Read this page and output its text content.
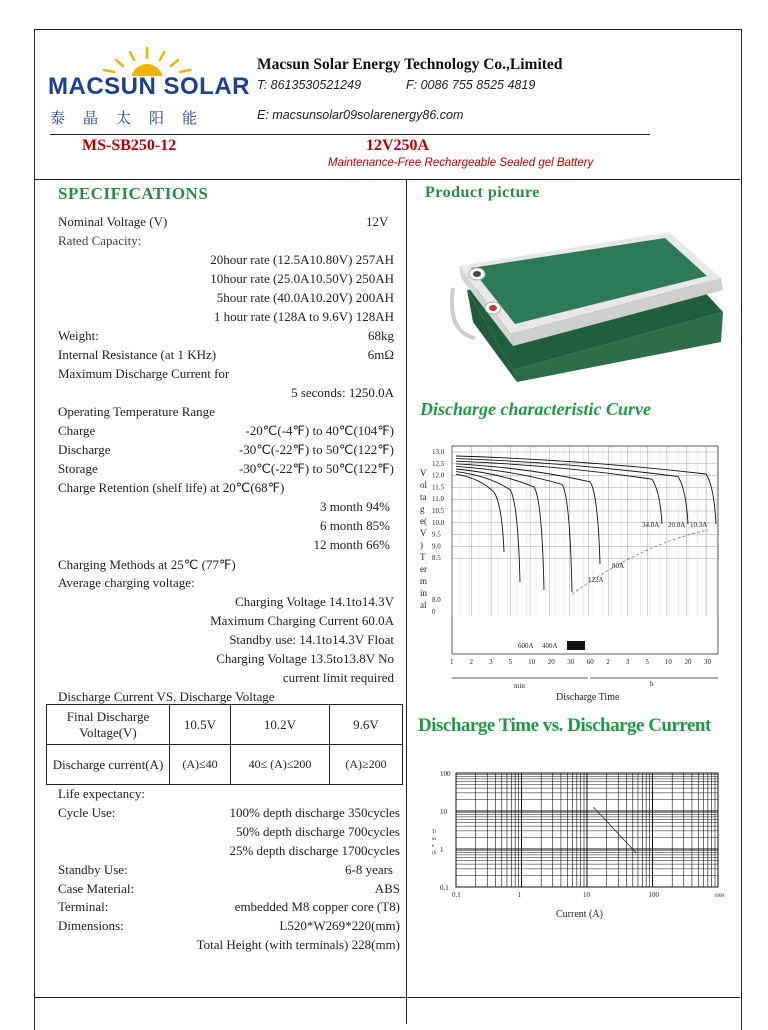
MACSUN SOLAR
泰晶太阳能
Macsun Solar Energy Technology Co.,Limited
T: 8613530521249	F: 0086 755 8525 4819
E: macsunsolar09solarenergy86.com
MS-SB250-12	12V250A
Maintenance-Free Rechargeable Sealed gel Battery
SPECIFICATIONS
Nominal Voltage (V)	12V
Rated Capacity:
20hour rate (12.5A10.80V) 257AH
10hour rate (25.0A10.50V) 250AH
5hour rate (40.0A10.20V) 200AH
1 hour rate (128A to 9.6V) 128AH
Weight:	68kg
Internal Resistance (at 1 KHz)	6mΩ
Maximum Discharge Current for
5 seconds: 1250.0A
Operating Temperature Range
Charge	-20℃(-4℉) to 40℃(104℉)
Discharge	-30℃(-22℉) to 50℃(122℉)
Storage	-30℃(-22℉) to 50℃(122℉)
Charge Retention (shelf life) at 20℃(68℉)
3 month 94%
6 month 85%
12 month 66%
Charging Methods at 25℃ (77℉)
Average charging voltage:
Charging Voltage 14.1to14.3V
Maximum Charging Current 60.0A
Standby use: 14.1to14.3V Float
Charging Voltage 13.5to13.8V No
current limit required
Discharge Current VS. Discharge Voltage
Final Discharge Voltage(V)	10.5V	10.2V	9.6V
Discharge current(A)	(A)≤40	40≤ (A)≤200	(A)≥200
Life expectancy:
Cycle Use:	100% depth discharge 350cycles
50% depth discharge 700cycles
25% depth discharge 1700cycles
Standby Use:	6-8 years
Case Material:	ABS
Terminal:	embedded M8 copper core (T8)
Dimensions:	L520*W269*220(mm)
Total Height (with terminals) 228(mm)
Product picture
Discharge characteristic Curve
10.3A
20.0A
34.0A
80A
122A
13.0
12.5
12.0
11.5
11.0
10.5
10.0
9.5
9.0
8.5
8.0
0
1 2 3 5 10 20 30 60 2 3 5 10 20 30
V
ol
ta
g
e(
V
)
T
er
m
in
al
600A 400A
min	h
Discharge Time
Discharge Time vs. Discharge Current
0.1	1	10	100	1000
100
10
1
0.1
Ti
m
e
(h
Current (A)
